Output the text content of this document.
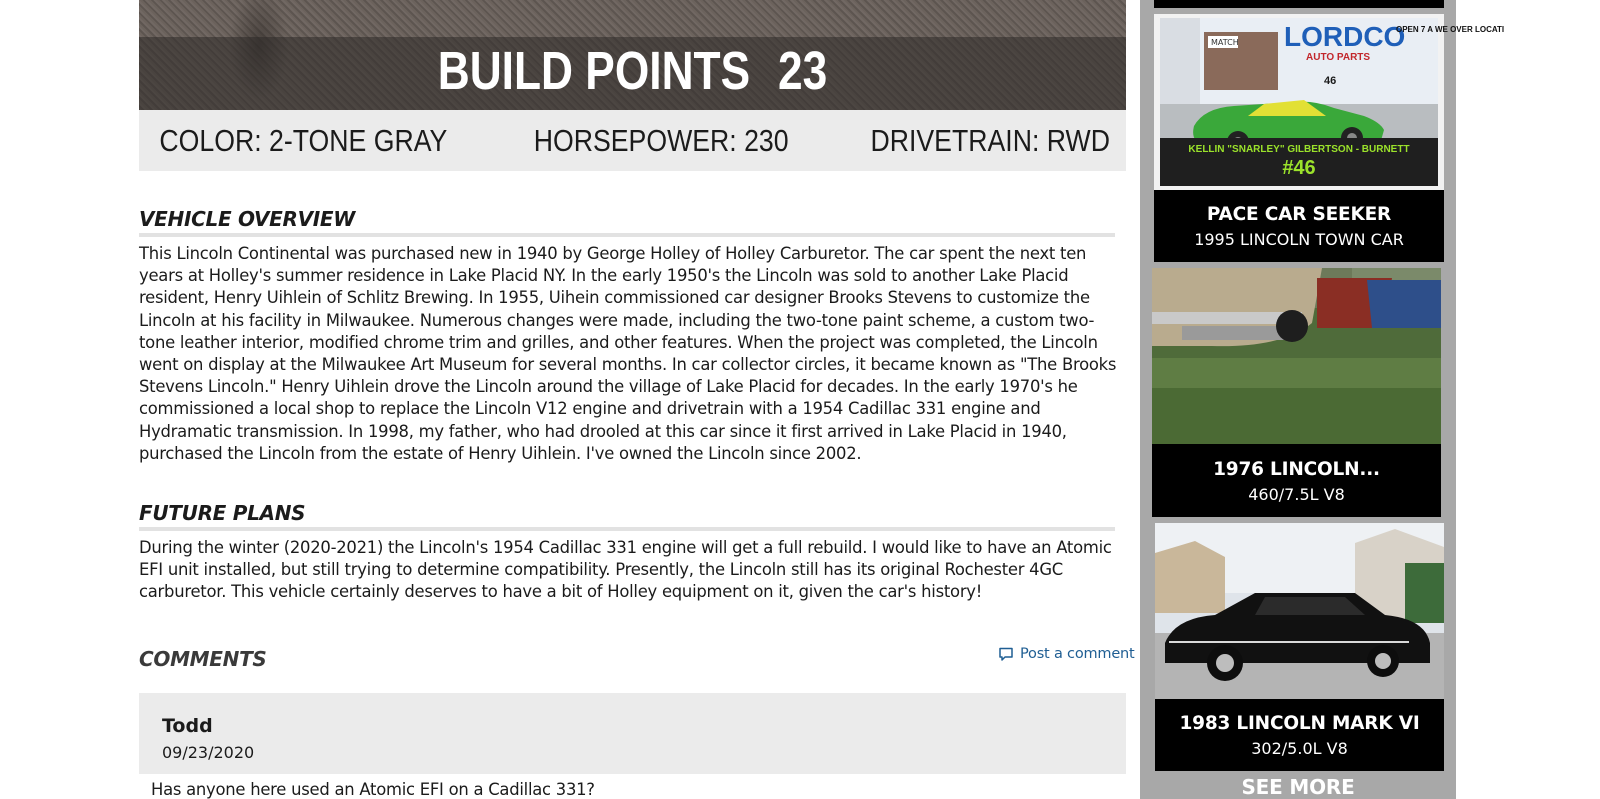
BUILD POINTS 23
COLOR: 2-TONE GRAY	HORSEPOWER: 230	DRIVETRAIN: RWD
VEHICLE OVERVIEW
This Lincoln Continental was purchased new in 1940 by George Holley of Holley Carburetor. The car spent the next ten years at Holley's summer residence in Lake Placid NY. In the early 1950's the Lincoln was sold to another Lake Placid resident, Henry Uihlein of Schlitz Brewing. In 1955, Uihein commissioned car designer Brooks Stevens to customize the Lincoln at his facility in Milwaukee. Numerous changes were made, including the two-tone paint scheme, a custom two-tone leather interior, modified chrome trim and grilles, and other features. When the project was completed, the Lincoln went on display at the Milwaukee Art Museum for several months. In car collector circles, it became known as "The Brooks Stevens Lincoln." Henry Uihlein drove the Lincoln around the village of Lake Placid for decades. In the early 1970's he commissioned a local shop to replace the Lincoln V12 engine and drivetrain with a 1954 Cadillac 331 engine and Hydramatic transmission. In 1998, my father, who had drooled at this car since it first arrived in Lake Placid in 1940, purchased the Lincoln from the estate of Henry Uihlein. I've owned the Lincoln since 2002.
FUTURE PLANS
During the winter (2020-2021) the Lincoln's 1954 Cadillac 331 engine will get a full rebuild. I would like to have an Atomic EFI unit installed, but still trying to determine compatibility. Presently, the Lincoln still has its original Rochester 4GC carburetor. This vehicle certainly deserves to have a bit of Holley equipment on it, given the car's history!
COMMENTS	Post a comment
Todd
09/23/2020
Has anyone here used an Atomic EFI on a Cadillac 331?
MATCH LORDCO
AUTO PARTS
OPEN 7 A WE OVER LOCATI
46
KELLIN "SNARLEY" GILBERTSON - BURNETT
#46
PACE CAR SEEKER
1995 LINCOLN TOWN CAR
1976 LINCOLN...
460/7.5L V8
1983 LINCOLN MARK VI
302/5.0L V8
SEE MORE
